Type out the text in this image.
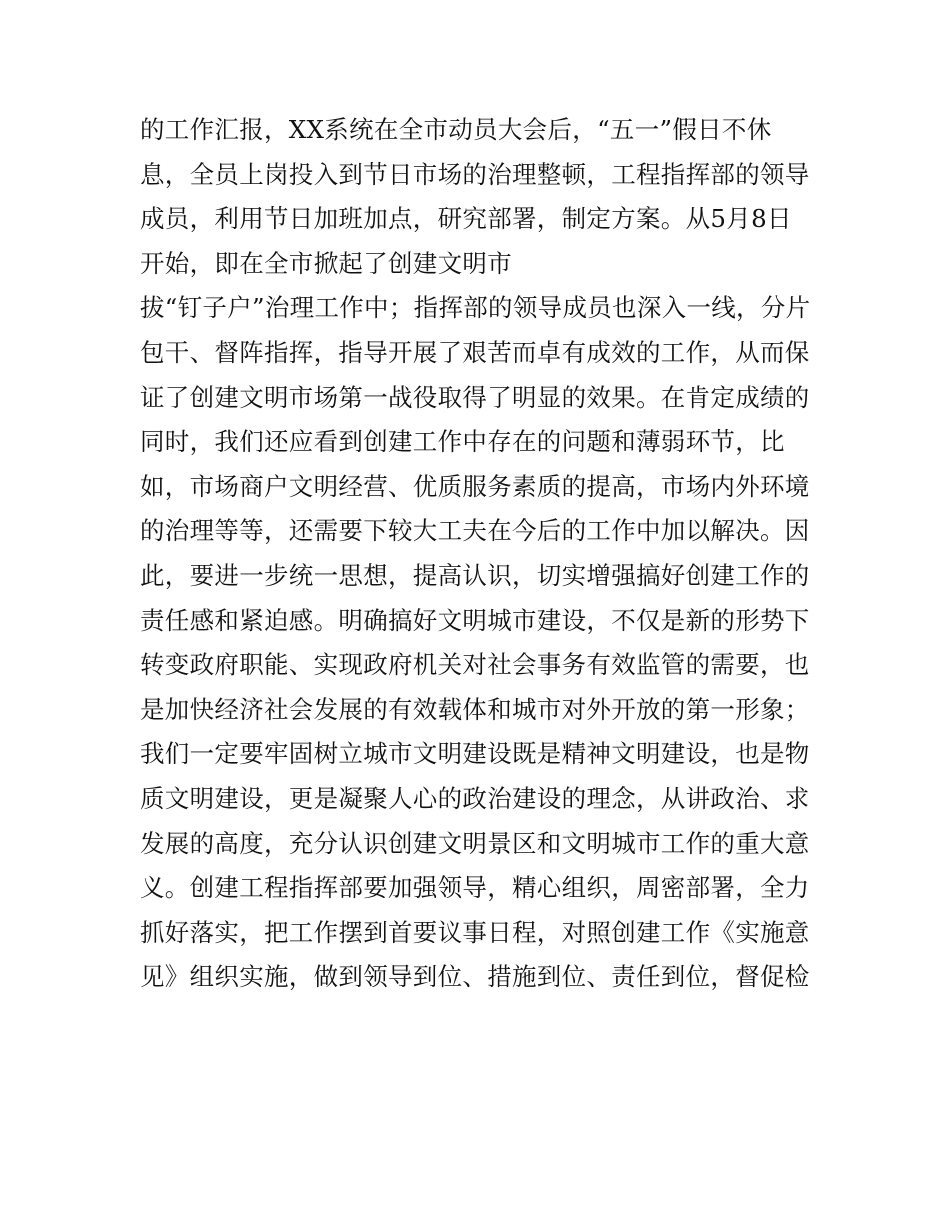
的工作汇报，XX系统在全市动员大会后，“五一”假日不休
息，全员上岗投入到节日市场的治理整顿，工程指挥部的领导
成员，利用节日加班加点，研究部署，制定方案。从5月8日
开始，即在全市掀起了创建文明市
拔“钉子户”治理工作中；指挥部的领导成员也深入一线，分片
包干、督阵指挥，指导开展了艰苦而卓有成效的工作，从而保
证了创建文明市场第一战役取得了明显的效果。在肯定成绩的
同时，我们还应看到创建工作中存在的问题和薄弱环节，比
如，市场商户文明经营、优质服务素质的提高，市场内外环境
的治理等等，还需要下较大工夫在今后的工作中加以解决。因
此，要进一步统一思想，提高认识，切实增强搞好创建工作的
责任感和紧迫感。明确搞好文明城市建设，不仅是新的形势下
转变政府职能、实现政府机关对社会事务有效监管的需要，也
是加快经济社会发展的有效载体和城市对外开放的第一形象；
我们一定要牢固树立城市文明建设既是精神文明建设，也是物
质文明建设，更是凝聚人心的政治建设的理念，从讲政治、求
发展的高度，充分认识创建文明景区和文明城市工作的重大意
义。创建工程指挥部要加强领导，精心组织，周密部署，全力
抓好落实，把工作摆到首要议事日程，对照创建工作《实施意
见》组织实施，做到领导到位、措施到位、责任到位，督促检
